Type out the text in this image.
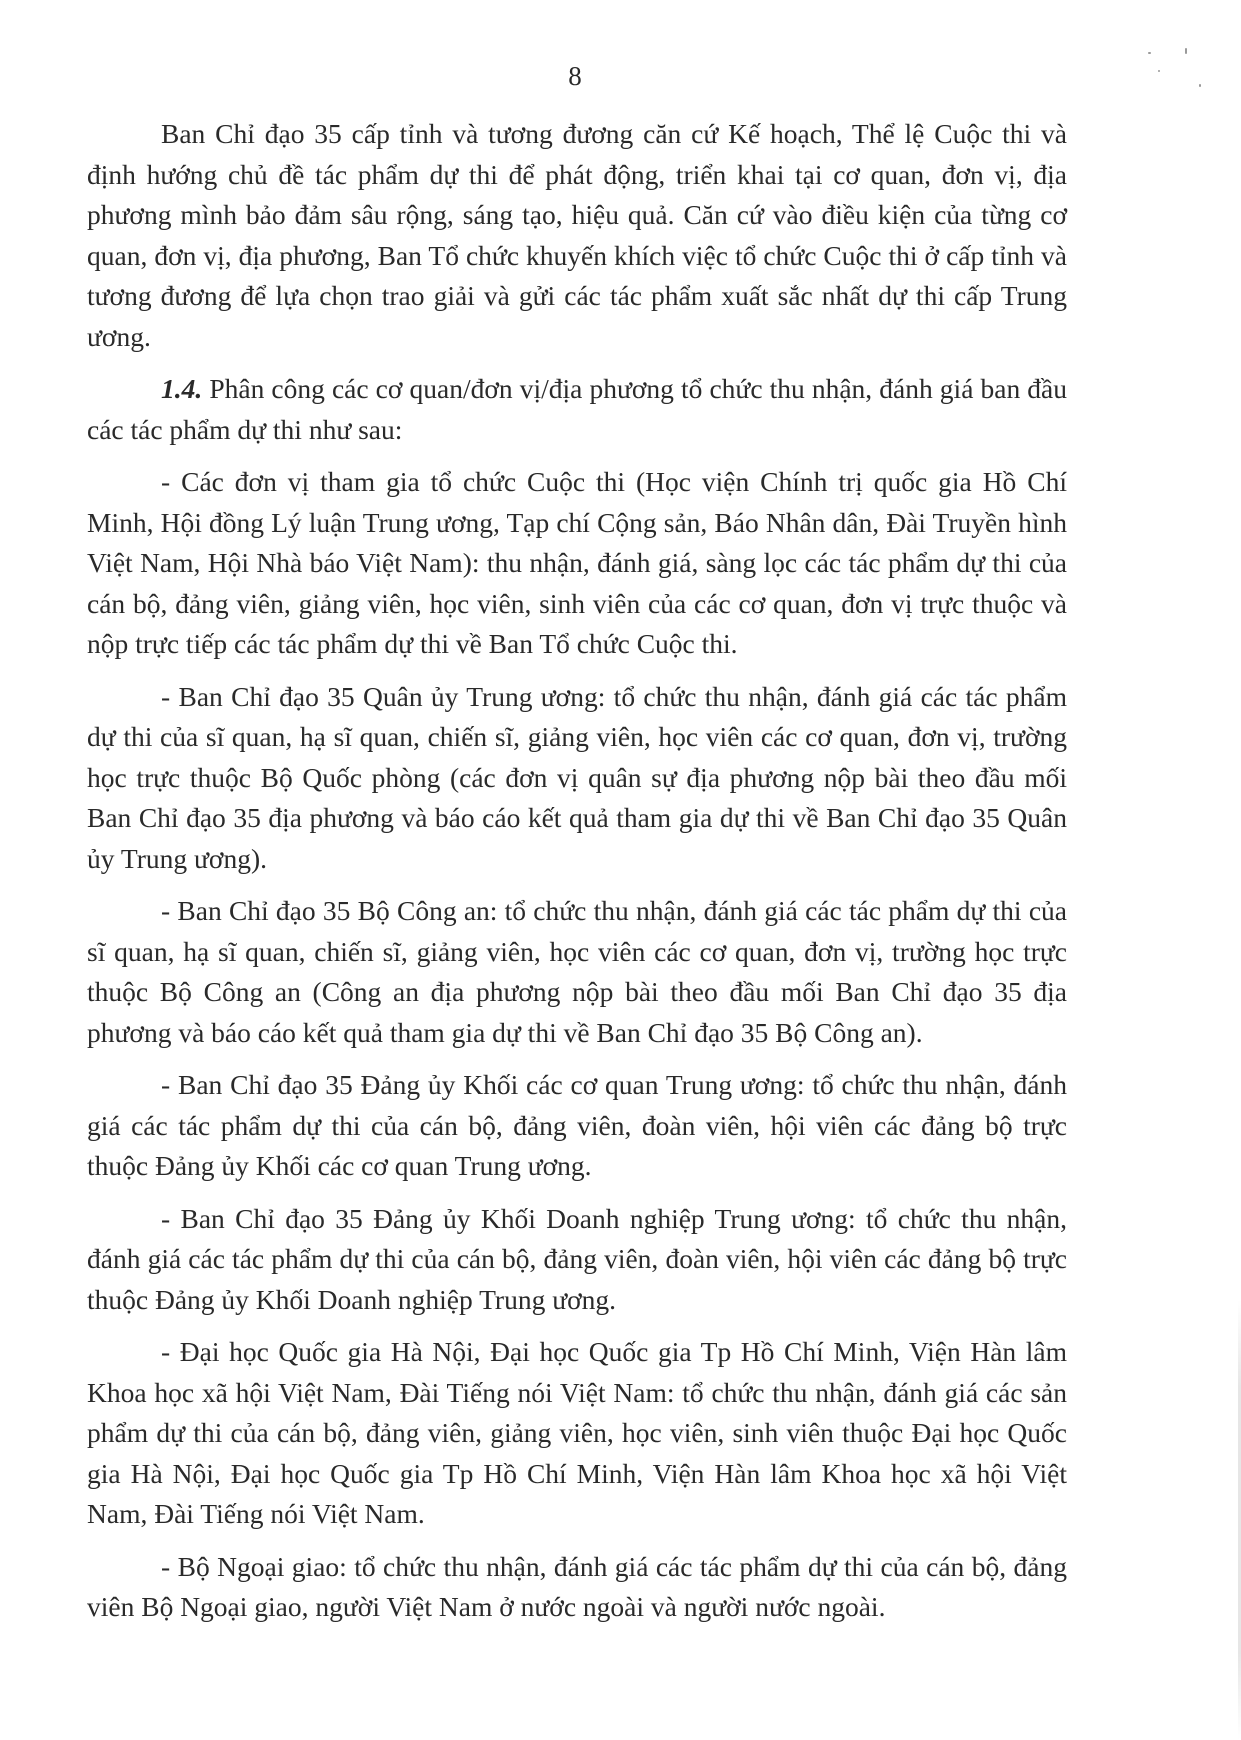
8

Ban Chỉ đạo 35 cấp tỉnh và tương đương căn cứ Kế hoạch, Thể lệ Cuộc thi và định hướng chủ đề tác phẩm dự thi để phát động, triển khai tại cơ quan, đơn vị, địa phương mình bảo đảm sâu rộng, sáng tạo, hiệu quả. Căn cứ vào điều kiện của từng cơ quan, đơn vị, địa phương, Ban Tổ chức khuyến khích việc tổ chức Cuộc thi ở cấp tỉnh và tương đương để lựa chọn trao giải và gửi các tác phẩm xuất sắc nhất dự thi cấp Trung ương.

1.4. Phân công các cơ quan/đơn vị/địa phương tổ chức thu nhận, đánh giá ban đầu các tác phẩm dự thi như sau:

- Các đơn vị tham gia tổ chức Cuộc thi (Học viện Chính trị quốc gia Hồ Chí Minh, Hội đồng Lý luận Trung ương, Tạp chí Cộng sản, Báo Nhân dân, Đài Truyền hình Việt Nam, Hội Nhà báo Việt Nam): thu nhận, đánh giá, sàng lọc các tác phẩm dự thi của cán bộ, đảng viên, giảng viên, học viên, sinh viên của các cơ quan, đơn vị trực thuộc và nộp trực tiếp các tác phẩm dự thi về Ban Tổ chức Cuộc thi.

- Ban Chỉ đạo 35 Quân ủy Trung ương: tổ chức thu nhận, đánh giá các tác phẩm dự thi của sĩ quan, hạ sĩ quan, chiến sĩ, giảng viên, học viên các cơ quan, đơn vị, trường học trực thuộc Bộ Quốc phòng (các đơn vị quân sự địa phương nộp bài theo đầu mối Ban Chỉ đạo 35 địa phương và báo cáo kết quả tham gia dự thi về Ban Chỉ đạo 35 Quân ủy Trung ương).

- Ban Chỉ đạo 35 Bộ Công an: tổ chức thu nhận, đánh giá các tác phẩm dự thi của sĩ quan, hạ sĩ quan, chiến sĩ, giảng viên, học viên các cơ quan, đơn vị, trường học trực thuộc Bộ Công an (Công an địa phương nộp bài theo đầu mối Ban Chỉ đạo 35 địa phương và báo cáo kết quả tham gia dự thi về Ban Chỉ đạo 35 Bộ Công an).

- Ban Chỉ đạo 35 Đảng ủy Khối các cơ quan Trung ương: tổ chức thu nhận, đánh giá các tác phẩm dự thi của cán bộ, đảng viên, đoàn viên, hội viên các đảng bộ trực thuộc Đảng ủy Khối các cơ quan Trung ương.

- Ban Chỉ đạo 35 Đảng ủy Khối Doanh nghiệp Trung ương: tổ chức thu nhận, đánh giá các tác phẩm dự thi của cán bộ, đảng viên, đoàn viên, hội viên các đảng bộ trực thuộc Đảng ủy Khối Doanh nghiệp Trung ương.

- Đại học Quốc gia Hà Nội, Đại học Quốc gia Tp Hồ Chí Minh, Viện Hàn lâm Khoa học xã hội Việt Nam, Đài Tiếng nói Việt Nam: tổ chức thu nhận, đánh giá các sản phẩm dự thi của cán bộ, đảng viên, giảng viên, học viên, sinh viên thuộc Đại học Quốc gia Hà Nội, Đại học Quốc gia Tp Hồ Chí Minh, Viện Hàn lâm Khoa học xã hội Việt Nam, Đài Tiếng nói Việt Nam.

- Bộ Ngoại giao: tổ chức thu nhận, đánh giá các tác phẩm dự thi của cán bộ, đảng viên Bộ Ngoại giao, người Việt Nam ở nước ngoài và người nước ngoài.
